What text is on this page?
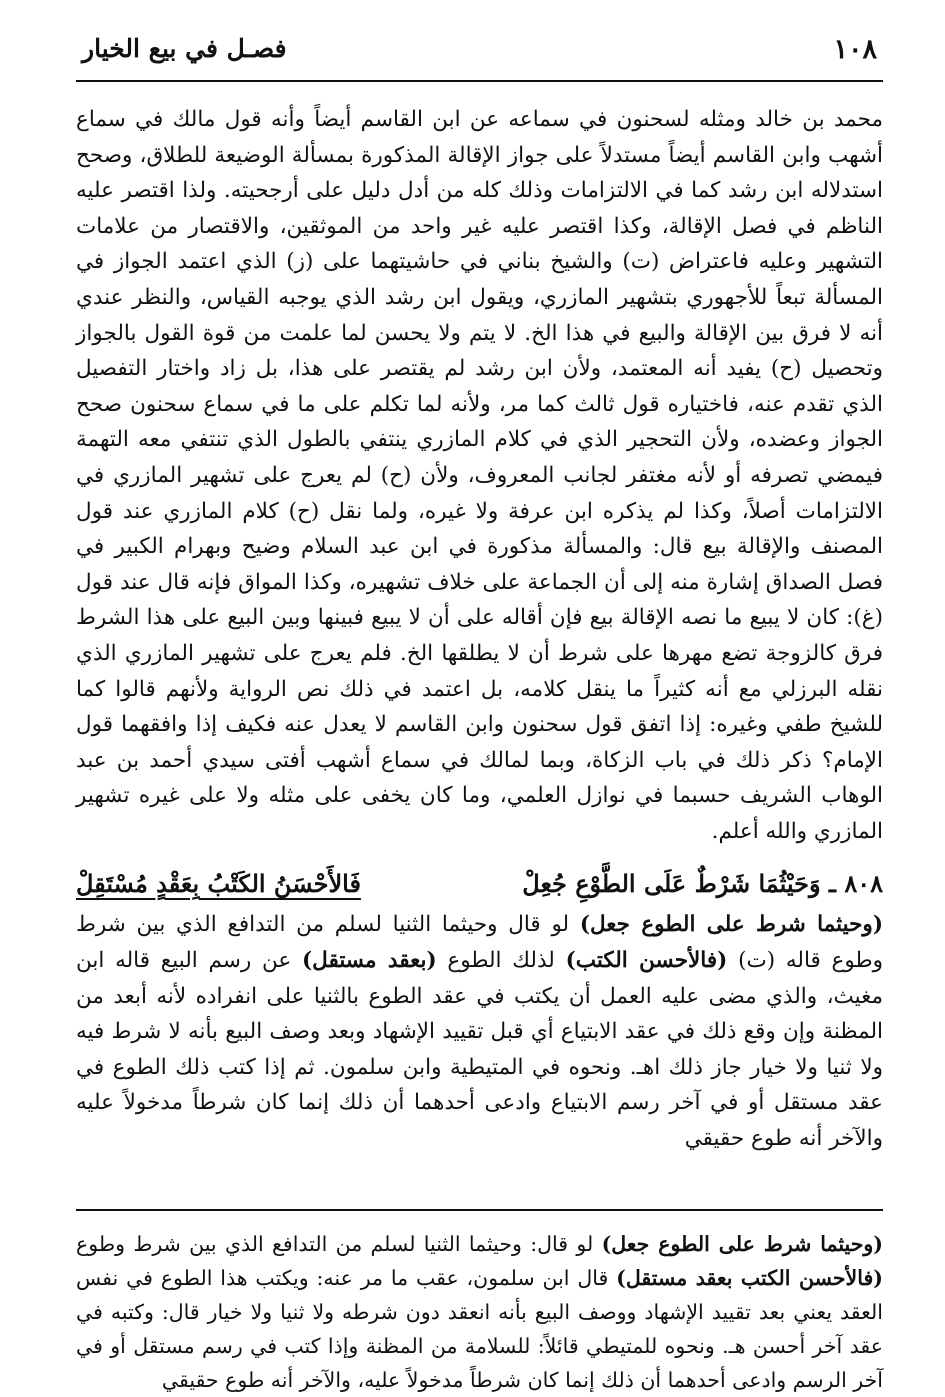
١٠٨
فصـل في بيع الخيار

محمد بن خالد ومثله لسحنون في سماعه عن ابن القاسم أيضاً وأنه قول مالك في سماع أشهب وابن القاسم أيضاً مستدلاً على جواز الإقالة المذكورة بمسألة الوضيعة للطلاق، وصحح استدلاله ابن رشد كما في الالتزامات وذلك كله من أدل دليل على أرجحيته. ولذا اقتصر عليه الناظم في فصل الإقالة، وكذا اقتصر عليه غير واحد من الموثقين، والاقتصار من علامات التشهير وعليه فاعتراض (ت) والشيخ بناني في حاشيتهما على (ز) الذي اعتمد الجواز في المسألة تبعاً للأجهوري بتشهير المازري، ويقول ابن رشد الذي يوجبه القياس، والنظر عندي أنه لا فرق بين الإقالة والبيع في هذا الخ. لا يتم ولا يحسن لما علمت من قوة القول بالجواز وتحصيل (ح) يفيد أنه المعتمد، ولأن ابن رشد لم يقتصر على هذا، بل زاد واختار التفصيل الذي تقدم عنه، فاختياره قول ثالث كما مر، ولأنه لما تكلم على ما في سماع سحنون صحح الجواز وعضده، ولأن التحجير الذي في كلام المازري ينتفي بالطول الذي تنتفي معه التهمة فيمضي تصرفه أو لأنه مغتفر لجانب المعروف، ولأن (ح) لم يعرج على تشهير المازري في الالتزامات أصلاً، وكذا لم يذكره ابن عرفة ولا غيره، ولما نقل (ح) كلام المازري عند قول المصنف والإقالة بيع قال: والمسألة مذكورة في ابن عبد السلام وضيح وبهرام الكبير في فصل الصداق إشارة منه إلى أن الجماعة على خلاف تشهيره، وكذا المواق فإنه قال عند قول (غ): كان لا يبيع ما نصه الإقالة بيع فإن أقاله على أن لا يبيع فبينها وبين البيع على هذا الشرط فرق كالزوجة تضع مهرها على شرط أن لا يطلقها الخ. فلم يعرج على تشهير المازري الذي نقله البرزلي مع أنه كثيراً ما ينقل كلامه، بل اعتمد في ذلك نص الرواية ولأنهم قالوا كما للشيخ طفي وغيره: إذا اتفق قول سحنون وابن القاسم لا يعدل عنه فكيف إذا وافقهما قول الإمام؟ ذكر ذلك في باب الزكاة، وبما لمالك في سماع أشهب أفتى سيدي أحمد بن عبد الوهاب الشريف حسبما في نوازل العلمي، وما كان يخفى على مثله ولا على غيره تشهير المازري والله أعلم.

٨٠٨ ـ وَحَيْثُمَا شَرْطٌ عَلَى الطَّوْعِ جُعِلْ
فَالأَحْسَنُ الكَتْبُ بِعَقْدٍ مُسْتَقِلْ
(وحيثما شرط على الطوع جعل) لو قال وحيثما الثنيا لسلم من التدافع الذي بين شرط وطوع قاله (ت) (فالأحسن الكتب) لذلك الطوع (بعقد مستقل) عن رسم البيع قاله ابن مغيث، والذي مضى عليه العمل أن يكتب في عقد الطوع بالثنيا على انفراده لأنه أبعد من المظنة وإن وقع ذلك في عقد الابتياع أي قبل تقييد الإشهاد وبعد وصف البيع بأنه لا شرط فيه ولا ثنيا ولا خيار جاز ذلك اهـ. ونحوه في المتيطية وابن سلمون. ثم إذا كتب ذلك الطوع في عقد مستقل أو في آخر رسم الابتياع وادعى أحدهما أن ذلك إنما كان شرطاً مدخولاً عليه والآخر أنه طوع حقيقي
(وحيثما شرط على الطوع جعل) لو قال: وحيثما الثنيا لسلم من التدافع الذي بين شرط وطوع (فالأحسن الكتب بعقد مستقل) قال ابن سلمون، عقب ما مر عنه: ويكتب هذا الطوع في نفس العقد يعني بعد تقييد الإشهاد ووصف البيع بأنه انعقد دون شرطه ولا ثنيا ولا خيار قال: وكتبه في عقد آخر أحسن هـ. ونحوه للمتيطي قائلاً: للسلامة من المظنة وإذا كتب في رسم مستقل أو في آخر الرسم وادعى أحدهما أن ذلك إنما كان شرطاً مدخولاً عليه، والآخر أنه طوع حقيقي
